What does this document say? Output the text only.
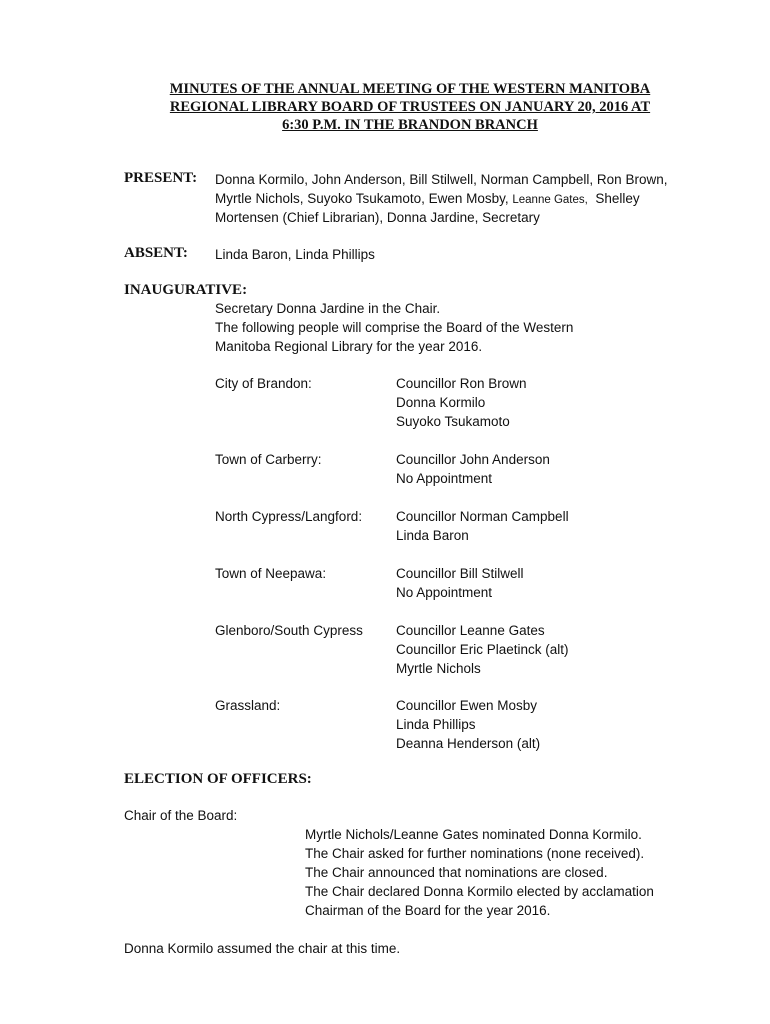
MINUTES OF THE ANNUAL MEETING OF THE WESTERN MANITOBA
REGIONAL LIBRARY BOARD OF TRUSTEES ON JANUARY 20, 2016 AT
6:30 P.M. IN THE BRANDON BRANCH
PRESENT: Donna Kormilo, John Anderson, Bill Stilwell, Norman Campbell, Ron Brown,
Myrtle Nichols, Suyoko Tsukamoto, Ewen Mosby, Leanne Gates,  Shelley
Mortensen (Chief Librarian), Donna Jardine, Secretary
ABSENT: Linda Baron, Linda Phillips
INAUGURATIVE:
Secretary Donna Jardine in the Chair.
The following people will comprise the Board of the Western
Manitoba Regional Library for the year 2016.
City of Brandon:	Councillor Ron Brown
Donna Kormilo
Suyoko Tsukamoto
Town of Carberry:	Councillor John Anderson
No Appointment
North Cypress/Langford:	Councillor Norman Campbell
Linda Baron
Town of Neepawa:	Councillor Bill Stilwell
No Appointment
Glenboro/South Cypress Councillor Leanne Gates
Councillor Eric Plaetinck (alt)
Myrtle Nichols
Grassland:	Councillor Ewen Mosby
Linda Phillips
Deanna Henderson (alt)
ELECTION OF OFFICERS:
Chair of the Board:
Myrtle Nichols/Leanne Gates nominated Donna Kormilo.
The Chair asked for further nominations (none received).
The Chair announced that nominations are closed.
The Chair declared Donna Kormilo elected by acclamation
Chairman of the Board for the year 2016.
Donna Kormilo assumed the chair at this time.
